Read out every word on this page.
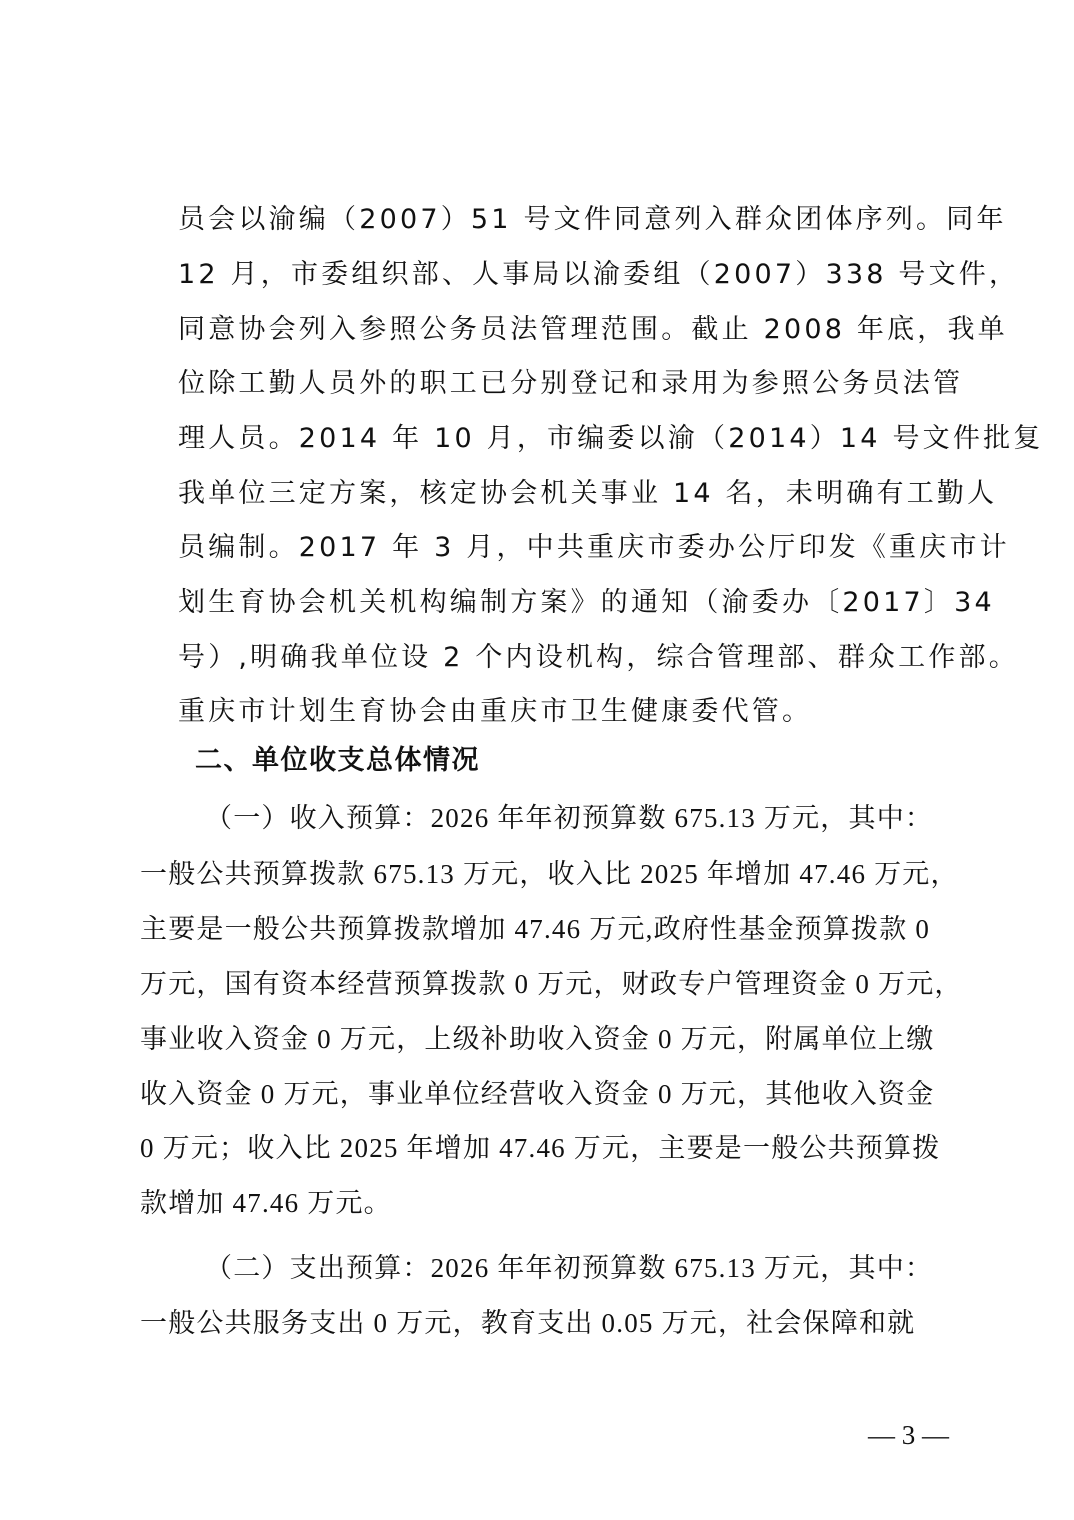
员会以渝编（2007）51 号文件同意列入群众团体序列。同年
12 月，市委组织部、人事局以渝委组（2007）338 号文件，
同意协会列入参照公务员法管理范围。截止 2008 年底，我单
位除工勤人员外的职工已分别登记和录用为参照公务员法管
理人员。2014 年 10 月，市编委以渝（2014）14 号文件批复
我单位三定方案，核定协会机关事业 14 名，未明确有工勤人
员编制。2017 年 3 月，中共重庆市委办公厅印发《重庆市计
划生育协会机关机构编制方案》的通知（渝委办〔2017〕34
号）,明确我单位设 2 个内设机构，综合管理部、群众工作部。
重庆市计划生育协会由重庆市卫生健康委代管。
二、单位收支总体情况
（一）收入预算：2026 年年初预算数 675.13 万元，其中：
一般公共预算拨款 675.13 万元，收入比 2025 年增加 47.46 万元，
主要是一般公共预算拨款增加 47.46 万元,政府性基金预算拨款 0
万元，国有资本经营预算拨款 0 万元，财政专户管理资金 0 万元，
事业收入资金 0 万元，上级补助收入资金 0 万元，附属单位上缴
收入资金 0 万元，事业单位经营收入资金 0 万元，其他收入资金
0 万元；收入比 2025 年增加 47.46 万元，主要是一般公共预算拨
款增加 47.46 万元。
（二）支出预算：2026 年年初预算数 675.13 万元，其中：
一般公共服务支出 0 万元，教育支出 0.05 万元，社会保障和就
— 3 —
